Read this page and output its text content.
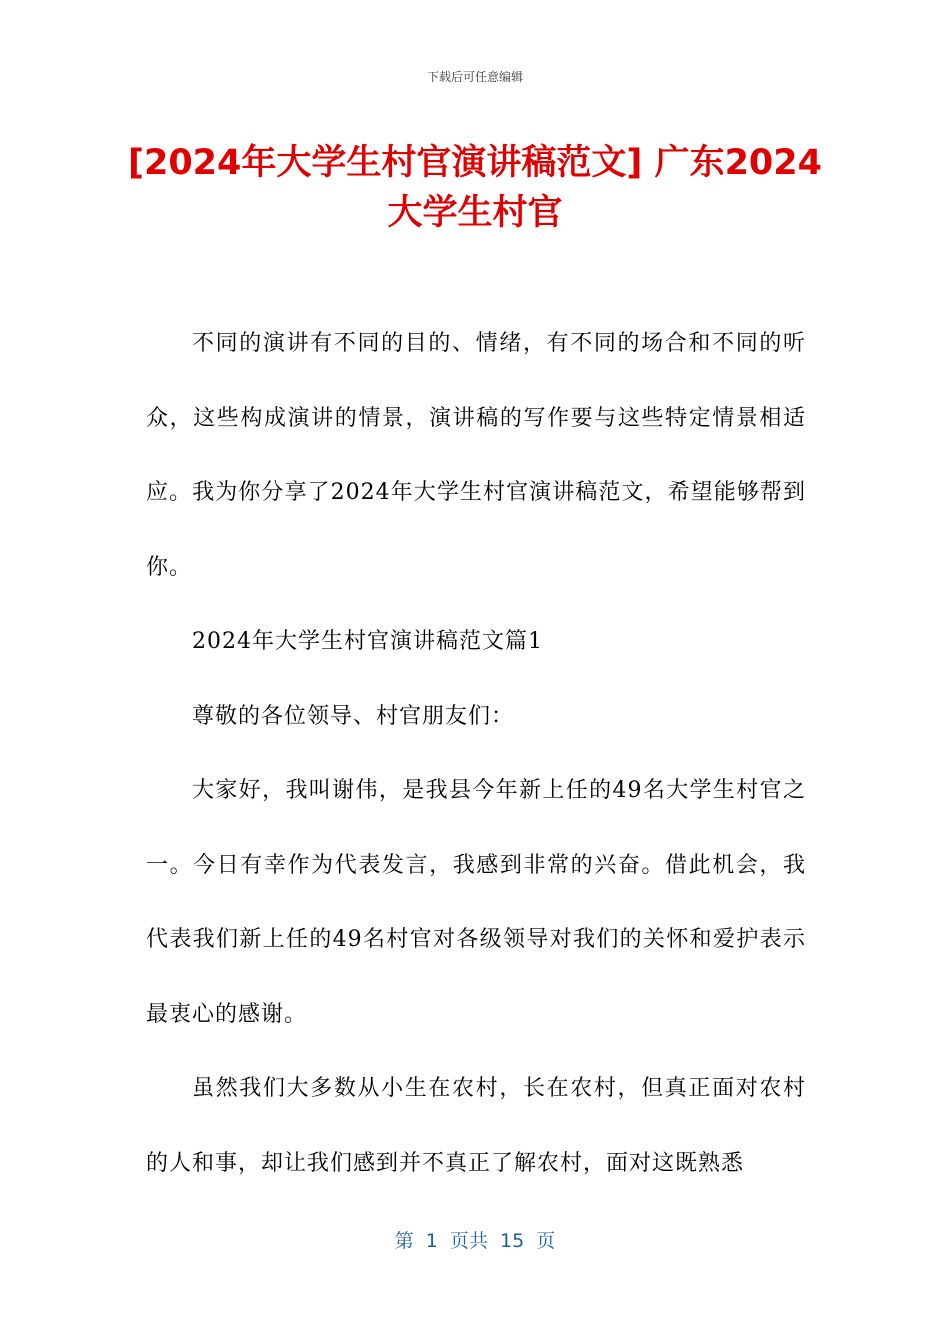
下载后可任意编辑
[2024年大学生村官演讲稿范文] 广东2024
大学生村官

不同的演讲有不同的目的、情绪，有不同的场合和不同的听众，这些构成演讲的情景，演讲稿的写作要与这些特定情景相适应。我为你分享了2024年大学生村官演讲稿范文，希望能够帮到你。

2024年大学生村官演讲稿范文篇1

尊敬的各位领导、村官朋友们：

大家好，我叫谢伟，是我县今年新上任的49名大学生村官之一。今日有幸作为代表发言，我感到非常的兴奋。借此机会，我代表我们新上任的49名村官对各级领导对我们的关怀和爱护表示最衷心的感谢。

虽然我们大多数从小生在农村，长在农村，但真正面对农村的人和事，却让我们感到并不真正了解农村，面对这既熟悉

第  1  页共  15  页
